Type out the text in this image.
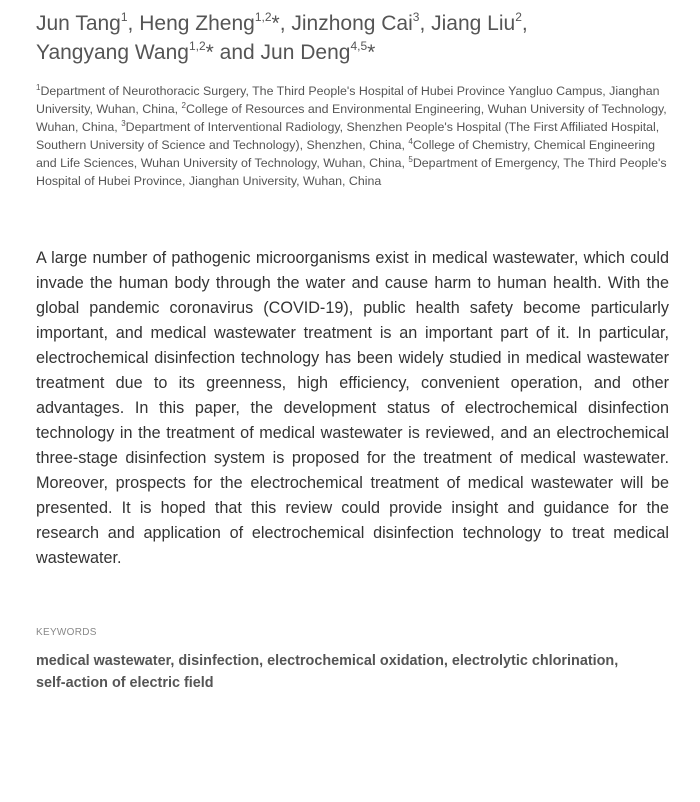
Jun Tang$^1$, Heng Zheng$^{1,2}$*, Jinzhong Cai$^3$, Jiang Liu$^2$,
Yangyang Wang$^{1,2}$* and Jun Deng$^{4,5}$*

$^1$Department of Neurothoracic Surgery, The Third People's Hospital of Hubei Province Yangluo Campus, Jianghan University, Wuhan, China, $^2$College of Resources and Environmental Engineering, Wuhan University of Technology, Wuhan, China, $^3$Department of Interventional Radiology, Shenzhen People's Hospital (The First Affiliated Hospital, Southern University of Science and Technology), Shenzhen, China, $^4$College of Chemistry, Chemical Engineering and Life Sciences, Wuhan University of Technology, Wuhan, China, $^5$Department of Emergency, The Third People's Hospital of Hubei Province, Jianghan University, Wuhan, China

A large number of pathogenic microorganisms exist in medical wastewater, which could invade the human body through the water and cause harm to human health. With the global pandemic coronavirus (COVID-19), public health safety become particularly important, and medical wastewater treatment is an important part of it. In particular, electrochemical disinfection technology has been widely studied in medical wastewater treatment due to its greenness, high efficiency, convenient operation, and other advantages. In this paper, the development status of electrochemical disinfection technology in the treatment of medical wastewater is reviewed, and an electrochemical three-stage disinfection system is proposed for the treatment of medical wastewater. Moreover, prospects for the electrochemical treatment of medical wastewater will be presented. It is hoped that this review could provide insight and guidance for the research and application of electrochemical disinfection technology to treat medical wastewater.

KEYWORDS

medical wastewater, disinfection, electrochemical oxidation, electrolytic chlorination, self-action of electric field
